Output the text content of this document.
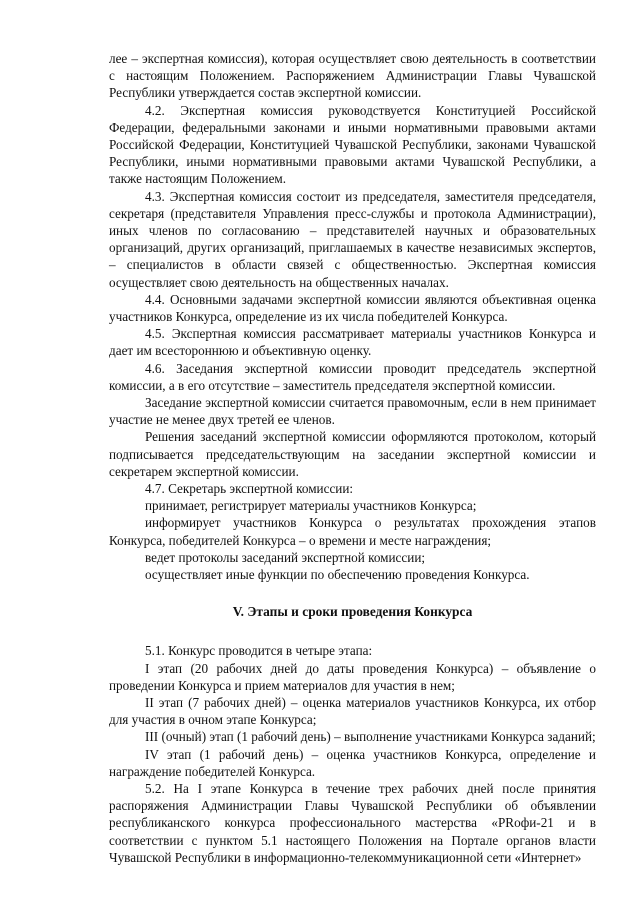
лее – экспертная комиссия), которая осуществляет свою деятельность в соответствии с настоящим Положением. Распоряжением Администрации Главы Чувашской Республики утверждается состав экспертной комиссии.

4.2. Экспертная комиссия руководствуется Конституцией Российской Федерации, федеральными законами и иными нормативными правовыми актами Российской Федерации, Конституцией Чувашской Республики, законами Чувашской Республики, иными нормативными правовыми актами Чувашской Республики, а также настоящим Положением.

4.3. Экспертная комиссия состоит из председателя, заместителя председателя, секретаря (представителя Управления пресс-службы и протокола Администрации), иных членов по согласованию – представителей научных и образовательных организаций, других организаций, приглашаемых в качестве независимых экспертов, – специалистов в области связей с общественностью. Экспертная комиссия осуществляет свою деятельность на общественных началах.

4.4. Основными задачами экспертной комиссии являются объективная оценка участников Конкурса, определение из их числа победителей Конкурса.

4.5. Экспертная комиссия рассматривает материалы участников Конкурса и дает им всестороннюю и объективную оценку.

4.6. Заседания экспертной комиссии проводит председатель экспертной комиссии, а в его отсутствие – заместитель председателя экспертной комиссии.

Заседание экспертной комиссии считается правомочным, если в нем принимает участие не менее двух третей ее членов.

Решения заседаний экспертной комиссии оформляются протоколом, который подписывается председательствующим на заседании экспертной комиссии и секретарем экспертной комиссии.

4.7. Секретарь экспертной комиссии:

принимает, регистрирует материалы участников Конкурса;

информирует участников Конкурса о результатах прохождения этапов Конкурса, победителей Конкурса – о времени и месте награждения;

ведет протоколы заседаний экспертной комиссии;

осуществляет иные функции по обеспечению проведения Конкурса.

V. Этапы и сроки проведения Конкурса

5.1. Конкурс проводится в четыре этапа:

I этап (20 рабочих дней до даты проведения Конкурса) – объявление о проведении Конкурса и прием материалов для участия в нем;

II этап (7 рабочих дней) – оценка материалов участников Конкурса, их отбор для участия в очном этапе Конкурса;

III (очный) этап (1 рабочий день) – выполнение участниками Конкурса заданий;

IV этап (1 рабочий день) – оценка участников Конкурса, определение и награждение победителей Конкурса.

5.2. На I этапе Конкурса в течение трех рабочих дней после принятия распоряжения Администрации Главы Чувашской Республики об объявлении республиканского конкурса профессионального мастерства «PRофи-21 и в соответствии с пунктом 5.1 настоящего Положения на Портале органов власти Чувашской Республики в информационно-телекоммуникационной сети «Интернет»
